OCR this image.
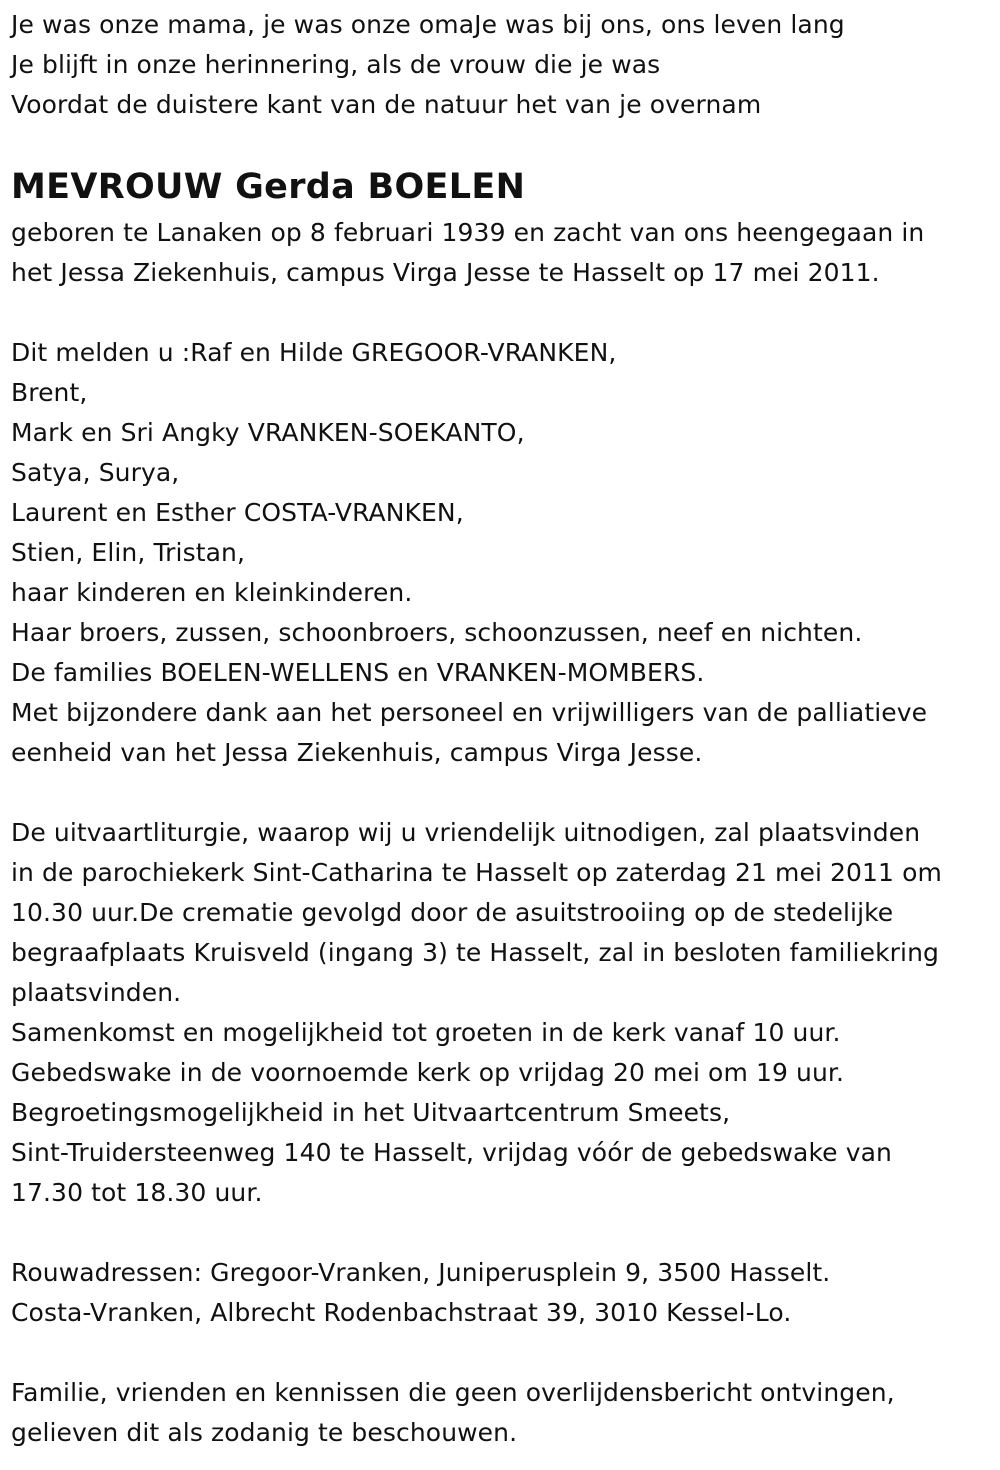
Je was onze mama, je was onze omaJe was bij ons, ons leven lang
Je blijft in onze herinnering, als de vrouw die je was
Voordat de duistere kant van de natuur het van je overnam
MEVROUW Gerda BOELEN
geboren te Lanaken op 8 februari 1939 en zacht van ons heengegaan in
het Jessa Ziekenhuis, campus Virga Jesse te Hasselt op 17 mei 2011.
Dit melden u :Raf en Hilde GREGOOR-VRANKEN,
Brent,
Mark en Sri Angky VRANKEN-SOEKANTO,
Satya, Surya,
Laurent en Esther COSTA-VRANKEN,
Stien, Elin, Tristan,
haar kinderen en kleinkinderen.
Haar broers, zussen, schoonbroers, schoonzussen, neef en nichten.
De families BOELEN-WELLENS en VRANKEN-MOMBERS.
Met bijzondere dank aan het personeel en vrijwilligers van de palliatieve
eenheid van het Jessa Ziekenhuis, campus Virga Jesse.
De uitvaartliturgie, waarop wij u vriendelijk uitnodigen, zal plaatsvinden
in de parochiekerk Sint-Catharina te Hasselt op zaterdag 21 mei 2011 om
10.30 uur.De crematie gevolgd door de asuitstrooiing op de stedelijke
begraafplaats Kruisveld (ingang 3) te Hasselt, zal in besloten familiekring
plaatsvinden.
Samenkomst en mogelijkheid tot groeten in de kerk vanaf 10 uur.
Gebedswake in de voornoemde kerk op vrijdag 20 mei om 19 uur.
Begroetingsmogelijkheid in het Uitvaartcentrum Smeets,
Sint-Truidersteenweg 140 te Hasselt, vrijdag vóór de gebedswake van
17.30 tot 18.30 uur.
Rouwadressen: Gregoor-Vranken, Juniperusplein 9, 3500 Hasselt.
Costa-Vranken, Albrecht Rodenbachstraat 39, 3010 Kessel-Lo.
Familie, vrienden en kennissen die geen overlijdensbericht ontvingen,
gelieven dit als zodanig te beschouwen.
